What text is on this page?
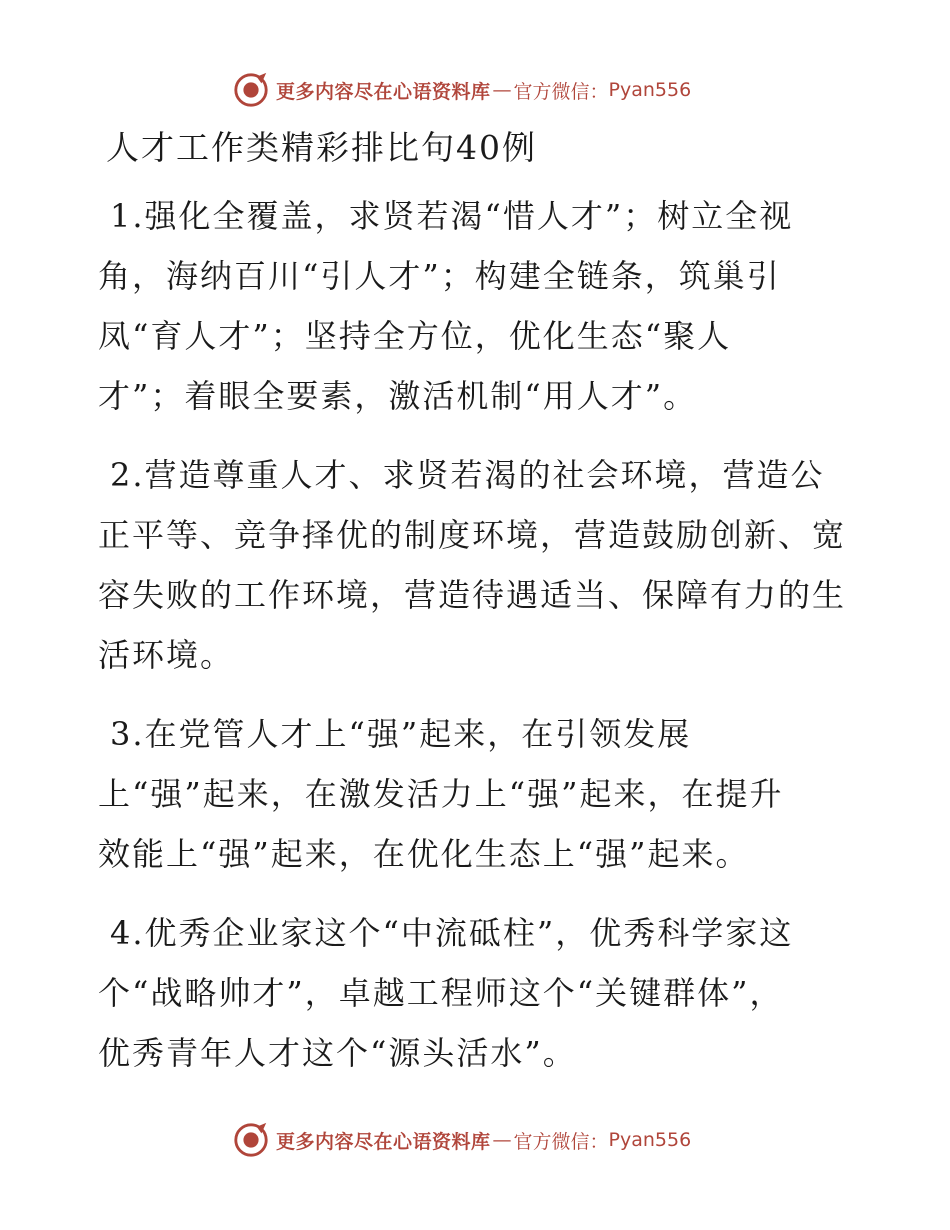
更多内容尽在心语资料库 — 官方微信： Pyan556
人才工作类精彩排比句40例
1.强化全覆盖，求贤若渴“惜人才”；树立全视
角，海纳百川“引人才”；构建全链条，筑巢引
凤“育人才”；坚持全方位，优化生态“聚人
才”；着眼全要素，激活机制“用人才”。
2.营造尊重人才、求贤若渴的社会环境，营造公
正平等、竞争择优的制度环境，营造鼓励创新、宽
容失败的工作环境，营造待遇适当、保障有力的生
活环境。
3.在党管人才上“强”起来，在引领发展
上“强”起来，在激发活力上“强”起来，在提升
效能上“强”起来，在优化生态上“强”起来。
4.优秀企业家这个“中流砥柱”，优秀科学家这
个“战略帅才”，卓越工程师这个“关键群体”，
优秀青年人才这个“源头活水”。
更多内容尽在心语资料库 — 官方微信： Pyan556
